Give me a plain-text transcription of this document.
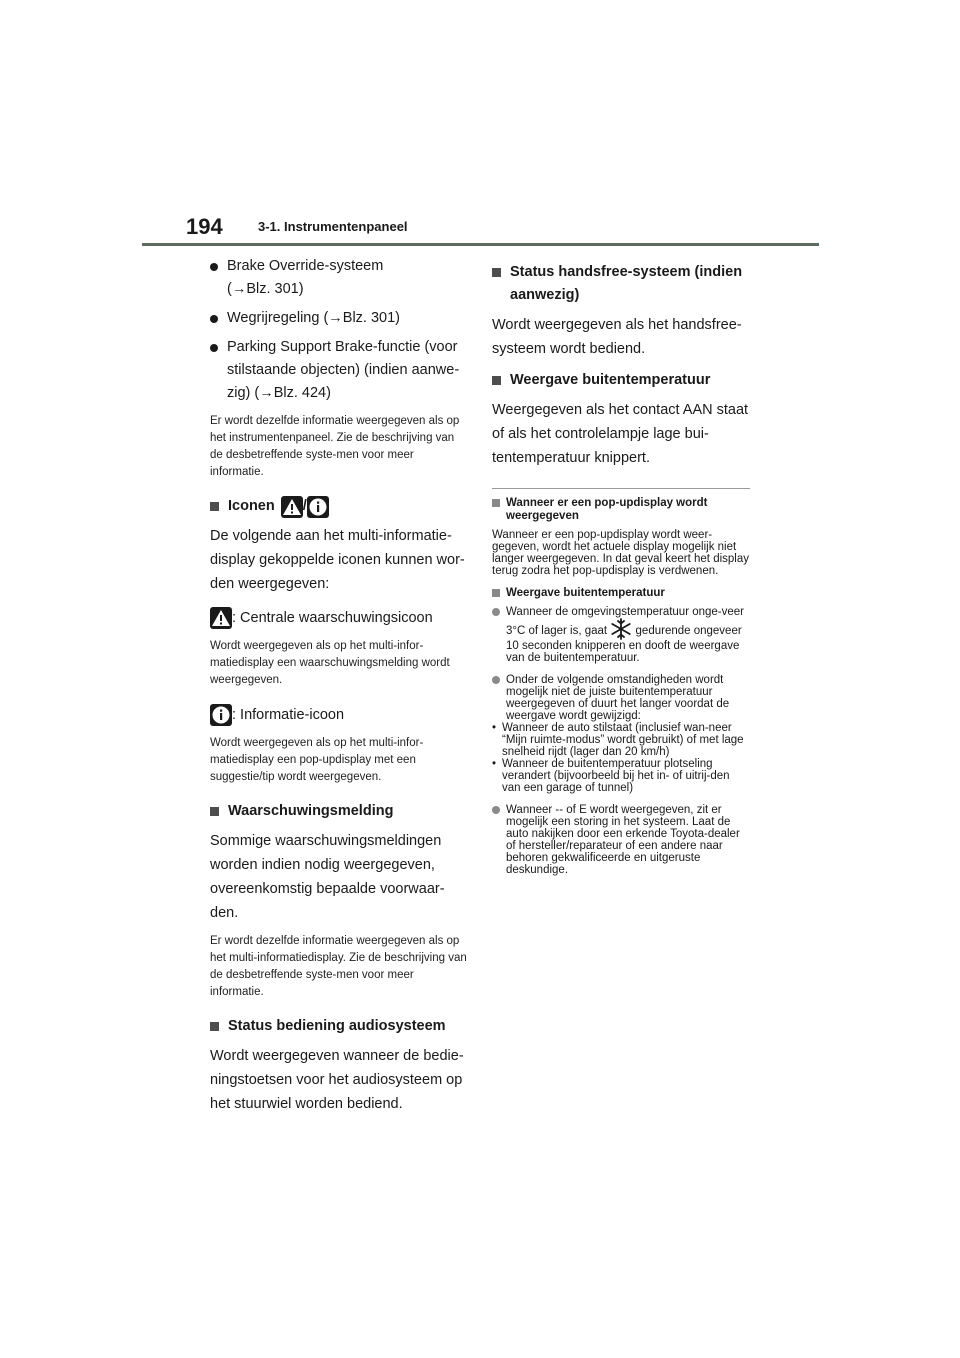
194	3-1. Instrumentenpaneel

Brake Override-systeem

(→Blz. 301)

Wegrijregeling (→Blz. 301)

Parking Support Brake-functie (voor

stilstaande objecten) (indien aanwe-

zig) (→Blz. 424)

Er wordt dezelfde informatie weergegeven als op het instrumentenpaneel. Zie de beschrijving van de desbetreffende syste-men voor meer informatie.

Iconen /

De volgende aan het multi-informatie-display gekoppelde iconen kunnen wor-den weergegeven:

: Centrale waarschuwingsicoon

Wordt weergegeven als op het multi-infor-matiedisplay een waarschuwingsmelding wordt weergegeven.

: Informatie-icoon

Wordt weergegeven als op het multi-infor-matiedisplay een pop-updisplay met een suggestie/tip wordt weergegeven.

Waarschuwingsmelding

Sommige waarschuwingsmeldingen worden indien nodig weergegeven, overeenkomstig bepaalde voorwaar-den.

Er wordt dezelfde informatie weergegeven als op het multi-informatiedisplay. Zie de beschrijving van de desbetreffende syste-men voor meer informatie.

Status bediening audiosysteem

Wordt weergegeven wanneer de bedie-ningstoetsen voor het audiosysteem op het stuurwiel worden bediend.

Status handsfree-systeem (indien aanwezig)

Wordt weergegeven als het handsfree-systeem wordt bediend.

Weergave buitentemperatuur

Weergegeven als het contact AAN staat of als het controlelampje lage bui-tentemperatuur knippert.

Wanneer er een pop-updisplay wordt weergegeven

Wanneer er een pop-updisplay wordt weer-gegeven, wordt het actuele display mogelijk niet langer weergegeven. In dat geval keert het display terug zodra het pop-updisplay is verdwenen.

Weergave buitentemperatuur
Wanneer de omgevingstemperatuur onge-veer 3°C of lager is, gaat gedurende ongeveer 10 seconden knipperen en dooft de weergave van de buitentemperatuur.

Onder de volgende omstandigheden wordt mogelijk niet de juiste buitentemperatuur weergegeven of duurt het langer voordat de weergave wordt gewijzigd:

• Wanneer de auto stilstaat (inclusief wan-neer “Mijn ruimte-modus” wordt gebruikt) of met lage snelheid rijdt (lager dan 20 km/h)

• Wanneer de buitentemperatuur plotseling verandert (bijvoorbeeld bij het in- of uitrij-den van een garage of tunnel)

Wanneer -- of E wordt weergegeven, zit er mogelijk een storing in het systeem. Laat de auto nakijken door een erkende Toyota-dealer of hersteller/reparateur of een andere naar behoren gekwalificeerde en uitgeruste deskundige.
